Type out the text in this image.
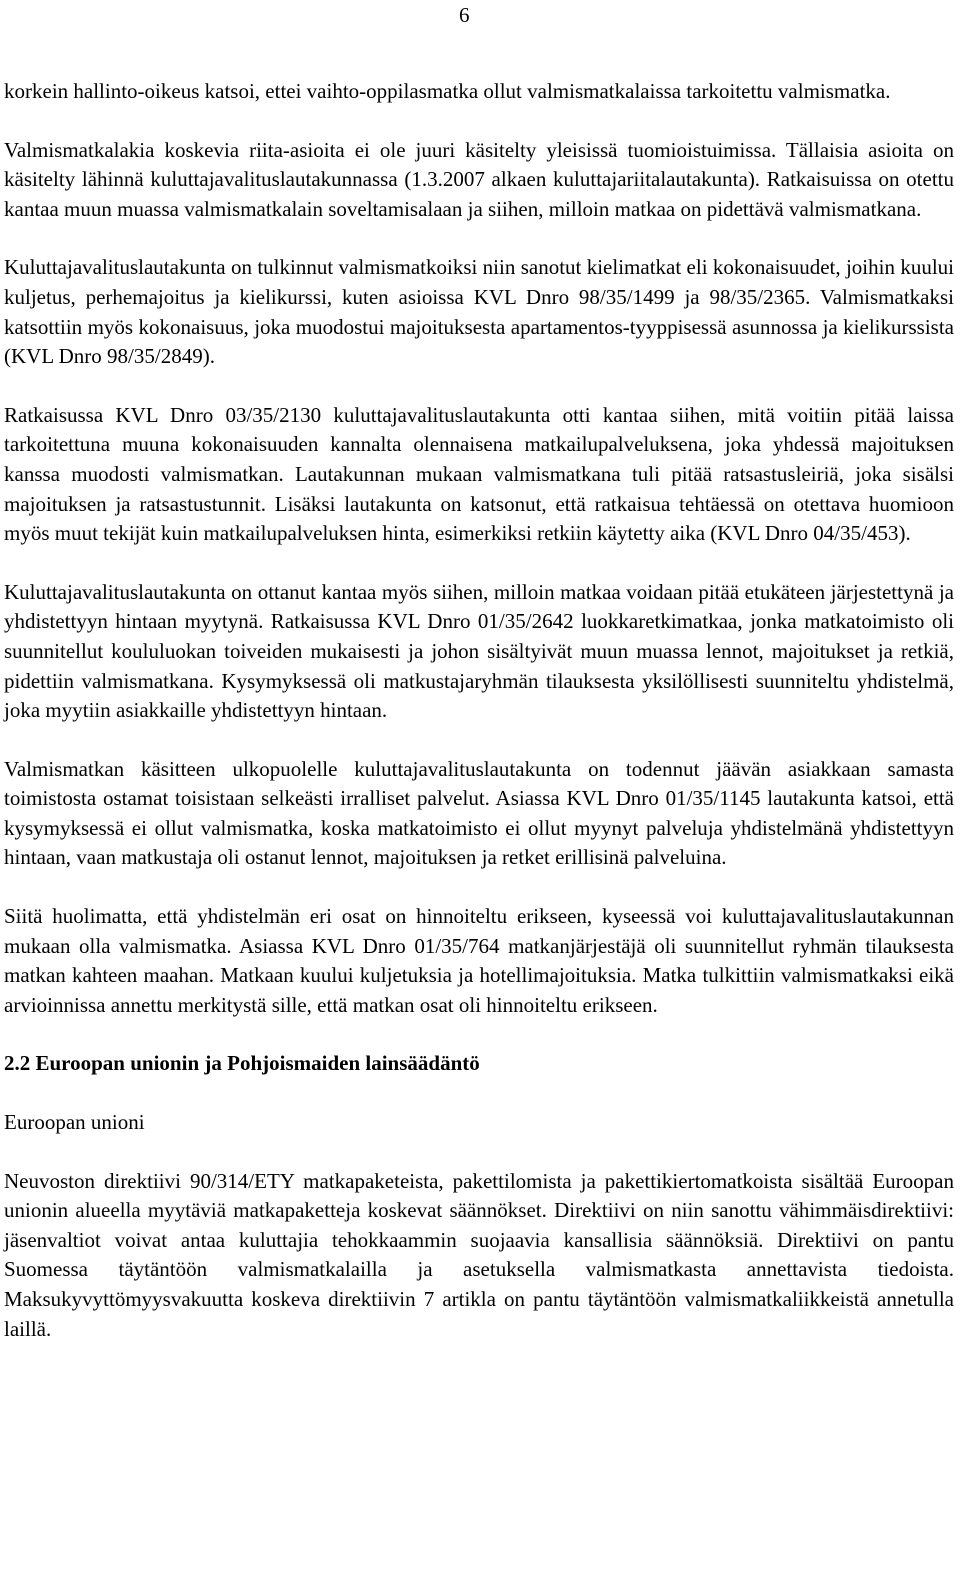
6

korkein hallinto-oikeus katsoi, ettei vaihto-oppilasmatka ollut valmismatkalaissa tarkoitettu valmismatka.

Valmismatkalakia koskevia riita-asioita ei ole juuri käsitelty yleisissä tuomioistuimissa. Tällaisia asioita on käsitelty lähinnä kuluttajavalituslautakunnassa (1.3.2007 alkaen kuluttajariitalautakunta). Ratkaisuissa on otettu kantaa muun muassa valmismatkalain soveltamisalaan ja siihen, milloin matkaa on pidettävä valmismatkana.

Kuluttajavalituslautakunta on tulkinnut valmismatkoiksi niin sanotut kielimatkat eli kokonaisuudet, joihin kuului kuljetus, perhemajoitus ja kielikurssi, kuten asioissa KVL Dnro 98/35/1499 ja 98/35/2365. Valmismatkaksi katsottiin myös kokonaisuus, joka muodostui majoituksesta apartamentos-tyyppisessä asunnossa ja kielikurssista (KVL Dnro 98/35/2849).

Ratkaisussa KVL Dnro 03/35/2130 kuluttajavalituslautakunta otti kantaa siihen, mitä voitiin pitää laissa tarkoitettuna muuna kokonaisuuden kannalta olennaisena matkailupalveluksena, joka yhdessä majoituksen kanssa muodosti valmismatkan. Lautakunnan mukaan valmismatkana tuli pitää ratsastusleiriä, joka sisälsi majoituksen ja ratsastustunnit. Lisäksi lautakunta on katsonut, että ratkaisua tehtäessä on otettava huomioon myös muut tekijät kuin matkailupalveluksen hinta, esimerkiksi retkiin käytetty aika (KVL Dnro 04/35/453).

Kuluttajavalituslautakunta on ottanut kantaa myös siihen, milloin matkaa voidaan pitää etukäteen järjestettynä ja yhdistettyyn hintaan myytynä. Ratkaisussa KVL Dnro 01/35/2642 luokkaretkimatkaa, jonka matkatoimisto oli suunnitellut koululuokan toiveiden mukaisesti ja johon sisältyivät muun muassa lennot, majoitukset ja retkiä, pidettiin valmismatkana. Kysymyksessä oli matkustajaryhmän tilauksesta yksilöllisesti suunniteltu yhdistelmä, joka myytiin asiakkaille yhdistettyyn hintaan.

Valmismatkan käsitteen ulkopuolelle kuluttajavalituslautakunta on todennut jäävän asiakkaan samasta toimistosta ostamat toisistaan selkeästi irralliset palvelut. Asiassa KVL Dnro 01/35/1145 lautakunta katsoi, että kysymyksessä ei ollut valmismatka, koska matkatoimisto ei ollut myynyt palveluja yhdistelmänä yhdistettyyn hintaan, vaan matkustaja oli ostanut lennot, majoituksen ja retket erillisinä palveluina.

Siitä huolimatta, että yhdistelmän eri osat on hinnoiteltu erikseen, kyseessä voi kuluttajavalituslautakunnan mukaan olla valmismatka. Asiassa KVL Dnro 01/35/764 matkanjärjestäjä oli suunnitellut ryhmän tilauksesta matkan kahteen maahan. Matkaan kuului kuljetuksia ja hotellimajoituksia. Matka tulkittiin valmismatkaksi eikä arvioinnissa annettu merkitystä sille, että matkan osat oli hinnoiteltu erikseen.

2.2 Euroopan unionin ja Pohjoismaiden lainsäädäntö
Euroopan unioni

Neuvoston direktiivi 90/314/ETY matkapaketeista, pakettilomista ja pakettikiertomatkoista sisältää Euroopan unionin alueella myytäviä matkapaketteja koskevat säännökset. Direktiivi on niin sanottu vähimmäisdirektiivi: jäsenvaltiot voivat antaa kuluttajia tehokkaammin suojaavia kansallisia säännöksiä. Direktiivi on pantu Suomessa täytäntöön valmismatkalailla ja asetuksella valmismatkasta annettavista tiedoista. Maksukyvyttömyysvakuutta koskeva direktiivin 7 artikla on pantu täytäntöön valmismatkaliikkeistä annetulla laillä.
